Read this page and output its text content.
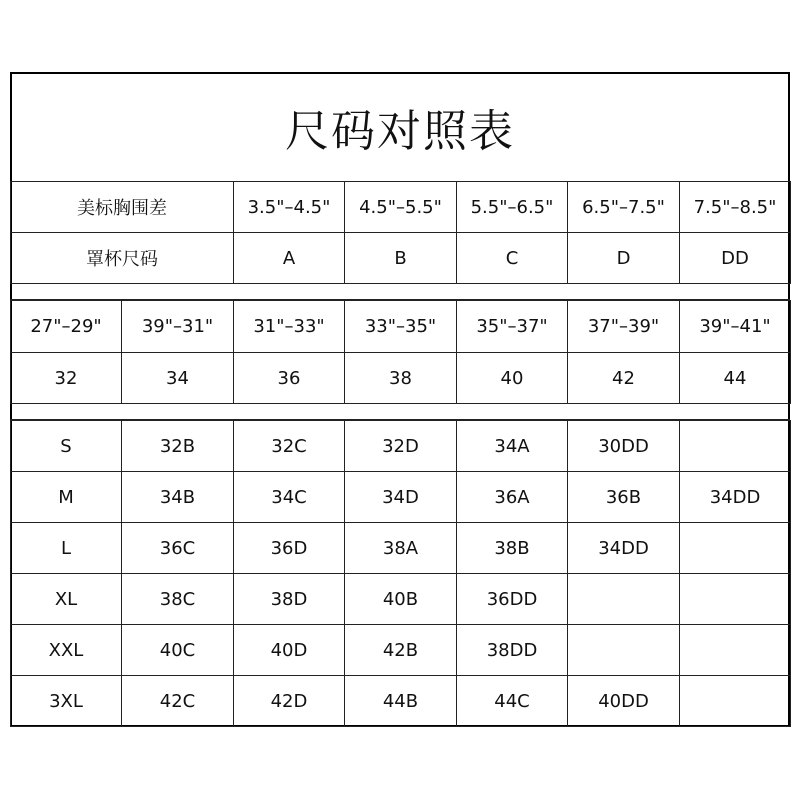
尺码对照表
美标胸围差	3.5"–4.5"	4.5"–5.5"	5.5"–6.5"	6.5"–7.5"	7.5"–8.5"
罩杯尺码	A	B	C	D	DD
27"–29"	39"–31"	31"–33"	33"–35"	35"–37"	37"–39"	39"–41"
32	34	36	38	40	42	44
S	32B	32C	32D	34A	30DD	
M	34B	34C	34D	36A	36B	34DD
L	36C	36D	38A	38B	34DD	
XL	38C	38D	40B	36DD		
XXL	40C	40D	42B	38DD		
3XL	42C	42D	44B	44C	40DD	
